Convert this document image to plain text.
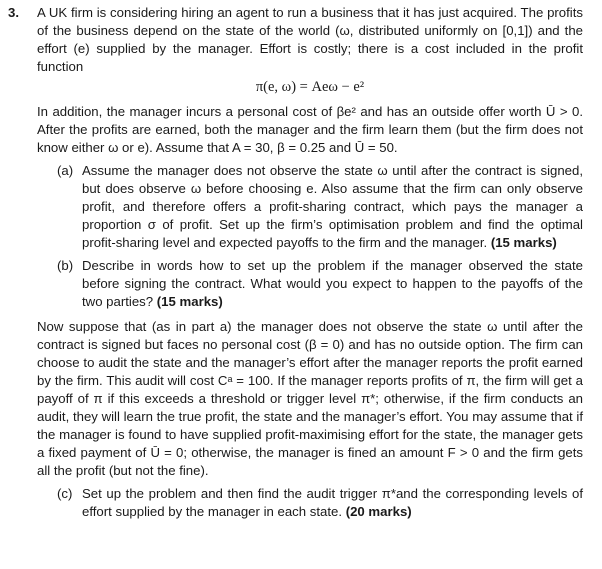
3. A UK firm is considering hiring an agent to run a business that it has just acquired. The profits of the business depend on the state of the world (ω, distributed uniformly on [0,1]) and the effort (e) supplied by the manager. Effort is costly; there is a cost included in the profit function

π(e, ω) = Aeω − e²

In addition, the manager incurs a personal cost of βe² and has an outside offer worth Ū > 0. After the profits are earned, both the manager and the firm learn them (but the firm does not know either ω or e). Assume that A = 30, β = 0.25 and Ū = 50.

(a) Assume the manager does not observe the state ω until after the contract is signed, but does observe ω before choosing e. Also assume that the firm can only observe profit, and therefore offers a profit-sharing contract, which pays the manager a proportion σ of profit. Set up the firm’s optimisation problem and find the optimal profit-sharing level and expected payoffs to the firm and the manager. (15 marks)
(b) Describe in words how to set up the problem if the manager observed the state before signing the contract. What would you expect to happen to the payoffs of the two parties? (15 marks)

Now suppose that (as in part a) the manager does not observe the state ω until after the contract is signed but faces no personal cost (β = 0) and has no outside option. The firm can choose to audit the state and the manager’s effort after the manager reports the profit earned by the firm. This audit will cost Cᵃ = 100. If the manager reports profits of π, the firm will get a payoff of π if this exceeds a threshold or trigger level π*; otherwise, if the firm conducts an audit, they will learn the true profit, the state and the manager’s effort. You may assume that if the manager is found to have supplied profit-maximising effort for the state, the manager gets a fixed payment of Ū = 0; otherwise, the manager is fined an amount F > 0 and the firm gets all the profit (but not the fine).

(c) Set up the problem and then find the audit trigger π*and the corresponding levels of effort supplied by the manager in each state. (20 marks)
